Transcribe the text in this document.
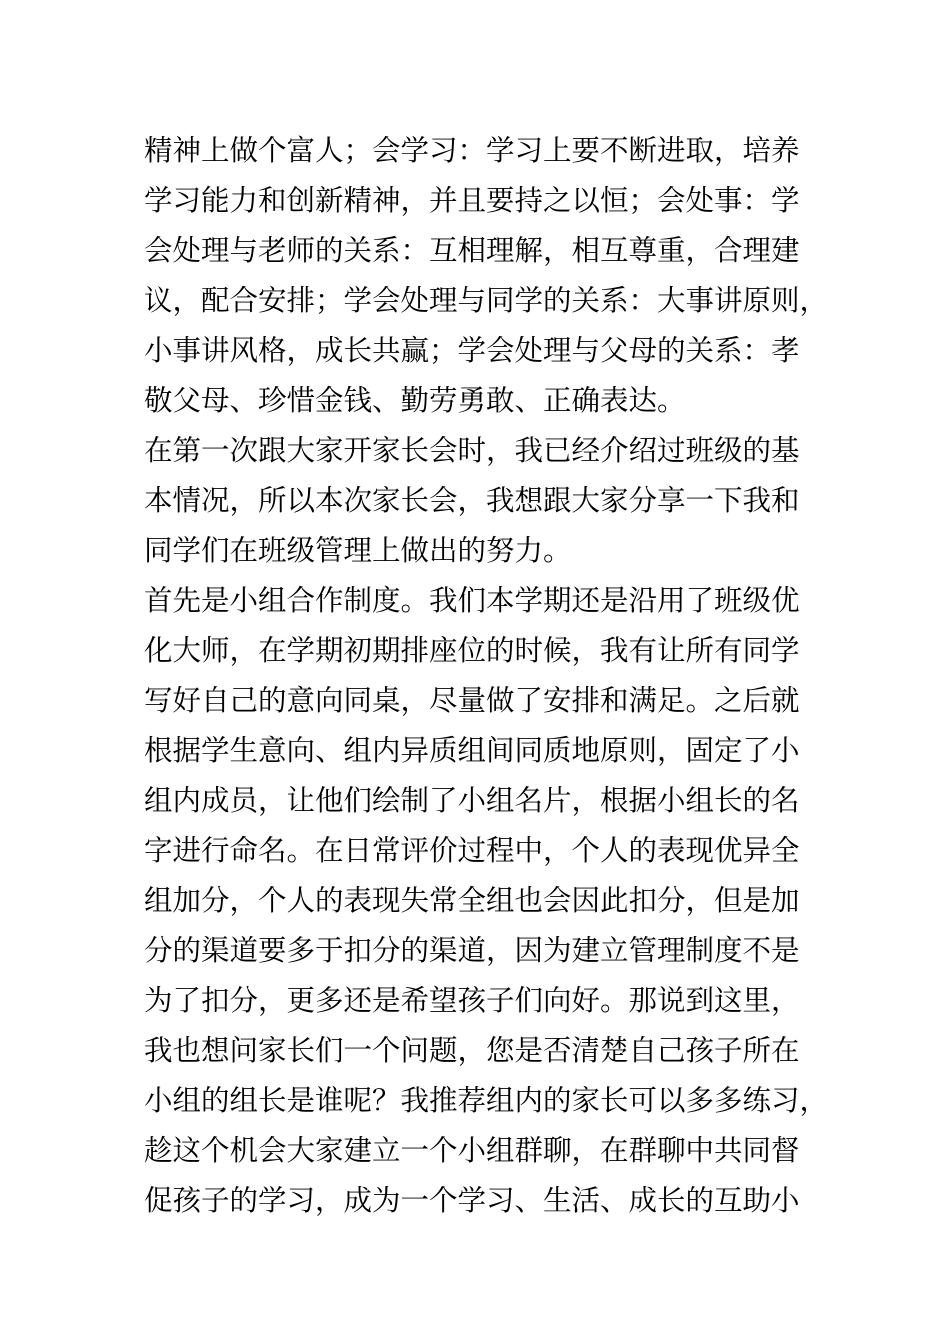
精神上做个富人；会学习：学习上要不断进取，培养
学习能力和创新精神，并且要持之以恒；会处事：学
会处理与老师的关系：互相理解，相互尊重，合理建
议，配合安排；学会处理与同学的关系：大事讲原则，
小事讲风格，成长共赢；学会处理与父母的关系：孝
敬父母、珍惜金钱、勤劳勇敢、正确表达。
在第一次跟大家开家长会时，我已经介绍过班级的基
本情况，所以本次家长会，我想跟大家分享一下我和
同学们在班级管理上做出的努力。
首先是小组合作制度。我们本学期还是沿用了班级优
化大师，在学期初期排座位的时候，我有让所有同学
写好自己的意向同桌，尽量做了安排和满足。之后就
根据学生意向、组内异质组间同质地原则，固定了小
组内成员，让他们绘制了小组名片，根据小组长的名
字进行命名。在日常评价过程中，个人的表现优异全
组加分，个人的表现失常全组也会因此扣分，但是加
分的渠道要多于扣分的渠道，因为建立管理制度不是
为了扣分，更多还是希望孩子们向好。那说到这里，
我也想问家长们一个问题，您是否清楚自己孩子所在
小组的组长是谁呢？我推荐组内的家长可以多多练习，
趁这个机会大家建立一个小组群聊，在群聊中共同督
促孩子的学习，成为一个学习、生活、成长的互助小
